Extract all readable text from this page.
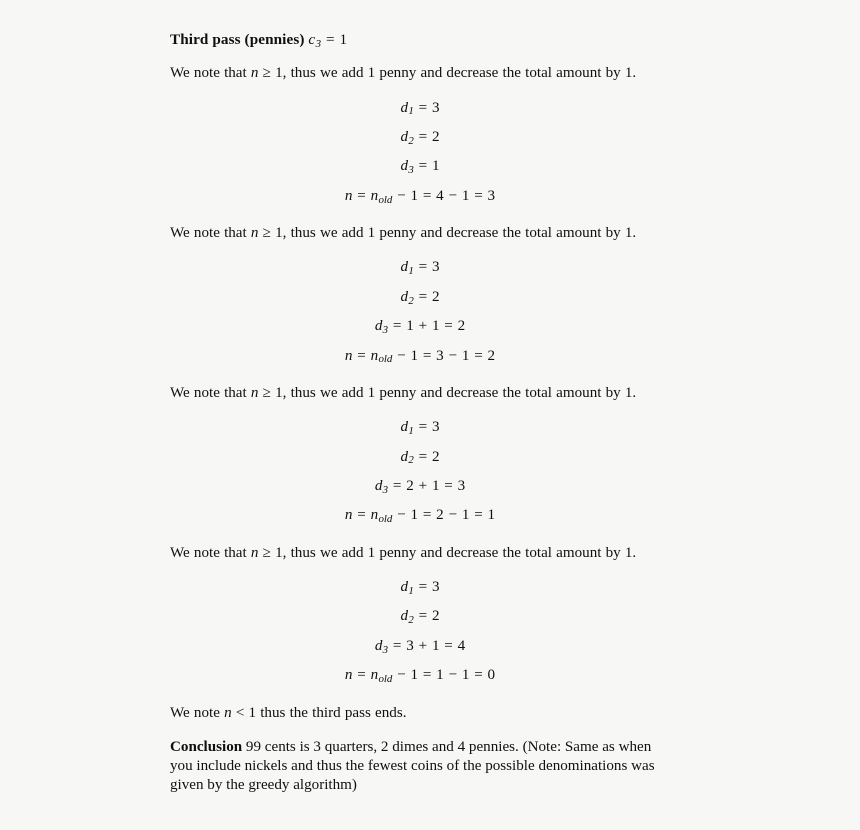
Third pass (pennies) $c_3 = 1$

We note that n ≥ 1, thus we add 1 penny and decrease the total amount by 1.

$d_1 = 3$
$d_2 = 2$
$d_3 = 1$
$n = n_{old} - 1 = 4 - 1 = 3$

We note that n ≥ 1, thus we add 1 penny and decrease the total amount by 1.

$d_1 = 3$
$d_2 = 2$
$d_3 = 1 + 1 = 2$
$n = n_{old} - 1 = 3 - 1 = 2$

We note that n ≥ 1, thus we add 1 penny and decrease the total amount by 1.

$d_1 = 3$
$d_2 = 2$
$d_3 = 2 + 1 = 3$
$n = n_{old} - 1 = 2 - 1 = 1$

We note that n ≥ 1, thus we add 1 penny and decrease the total amount by 1.

$d_1 = 3$
$d_2 = 2$
$d_3 = 3 + 1 = 4$
$n = n_{old} - 1 = 1 - 1 = 0$

We note n < 1 thus the third pass ends.

Conclusion 99 cents is 3 quarters, 2 dimes and 4 pennies. (Note: Same as when you include nickels and thus the fewest coins of the possible denominations was given by the greedy algorithm)
